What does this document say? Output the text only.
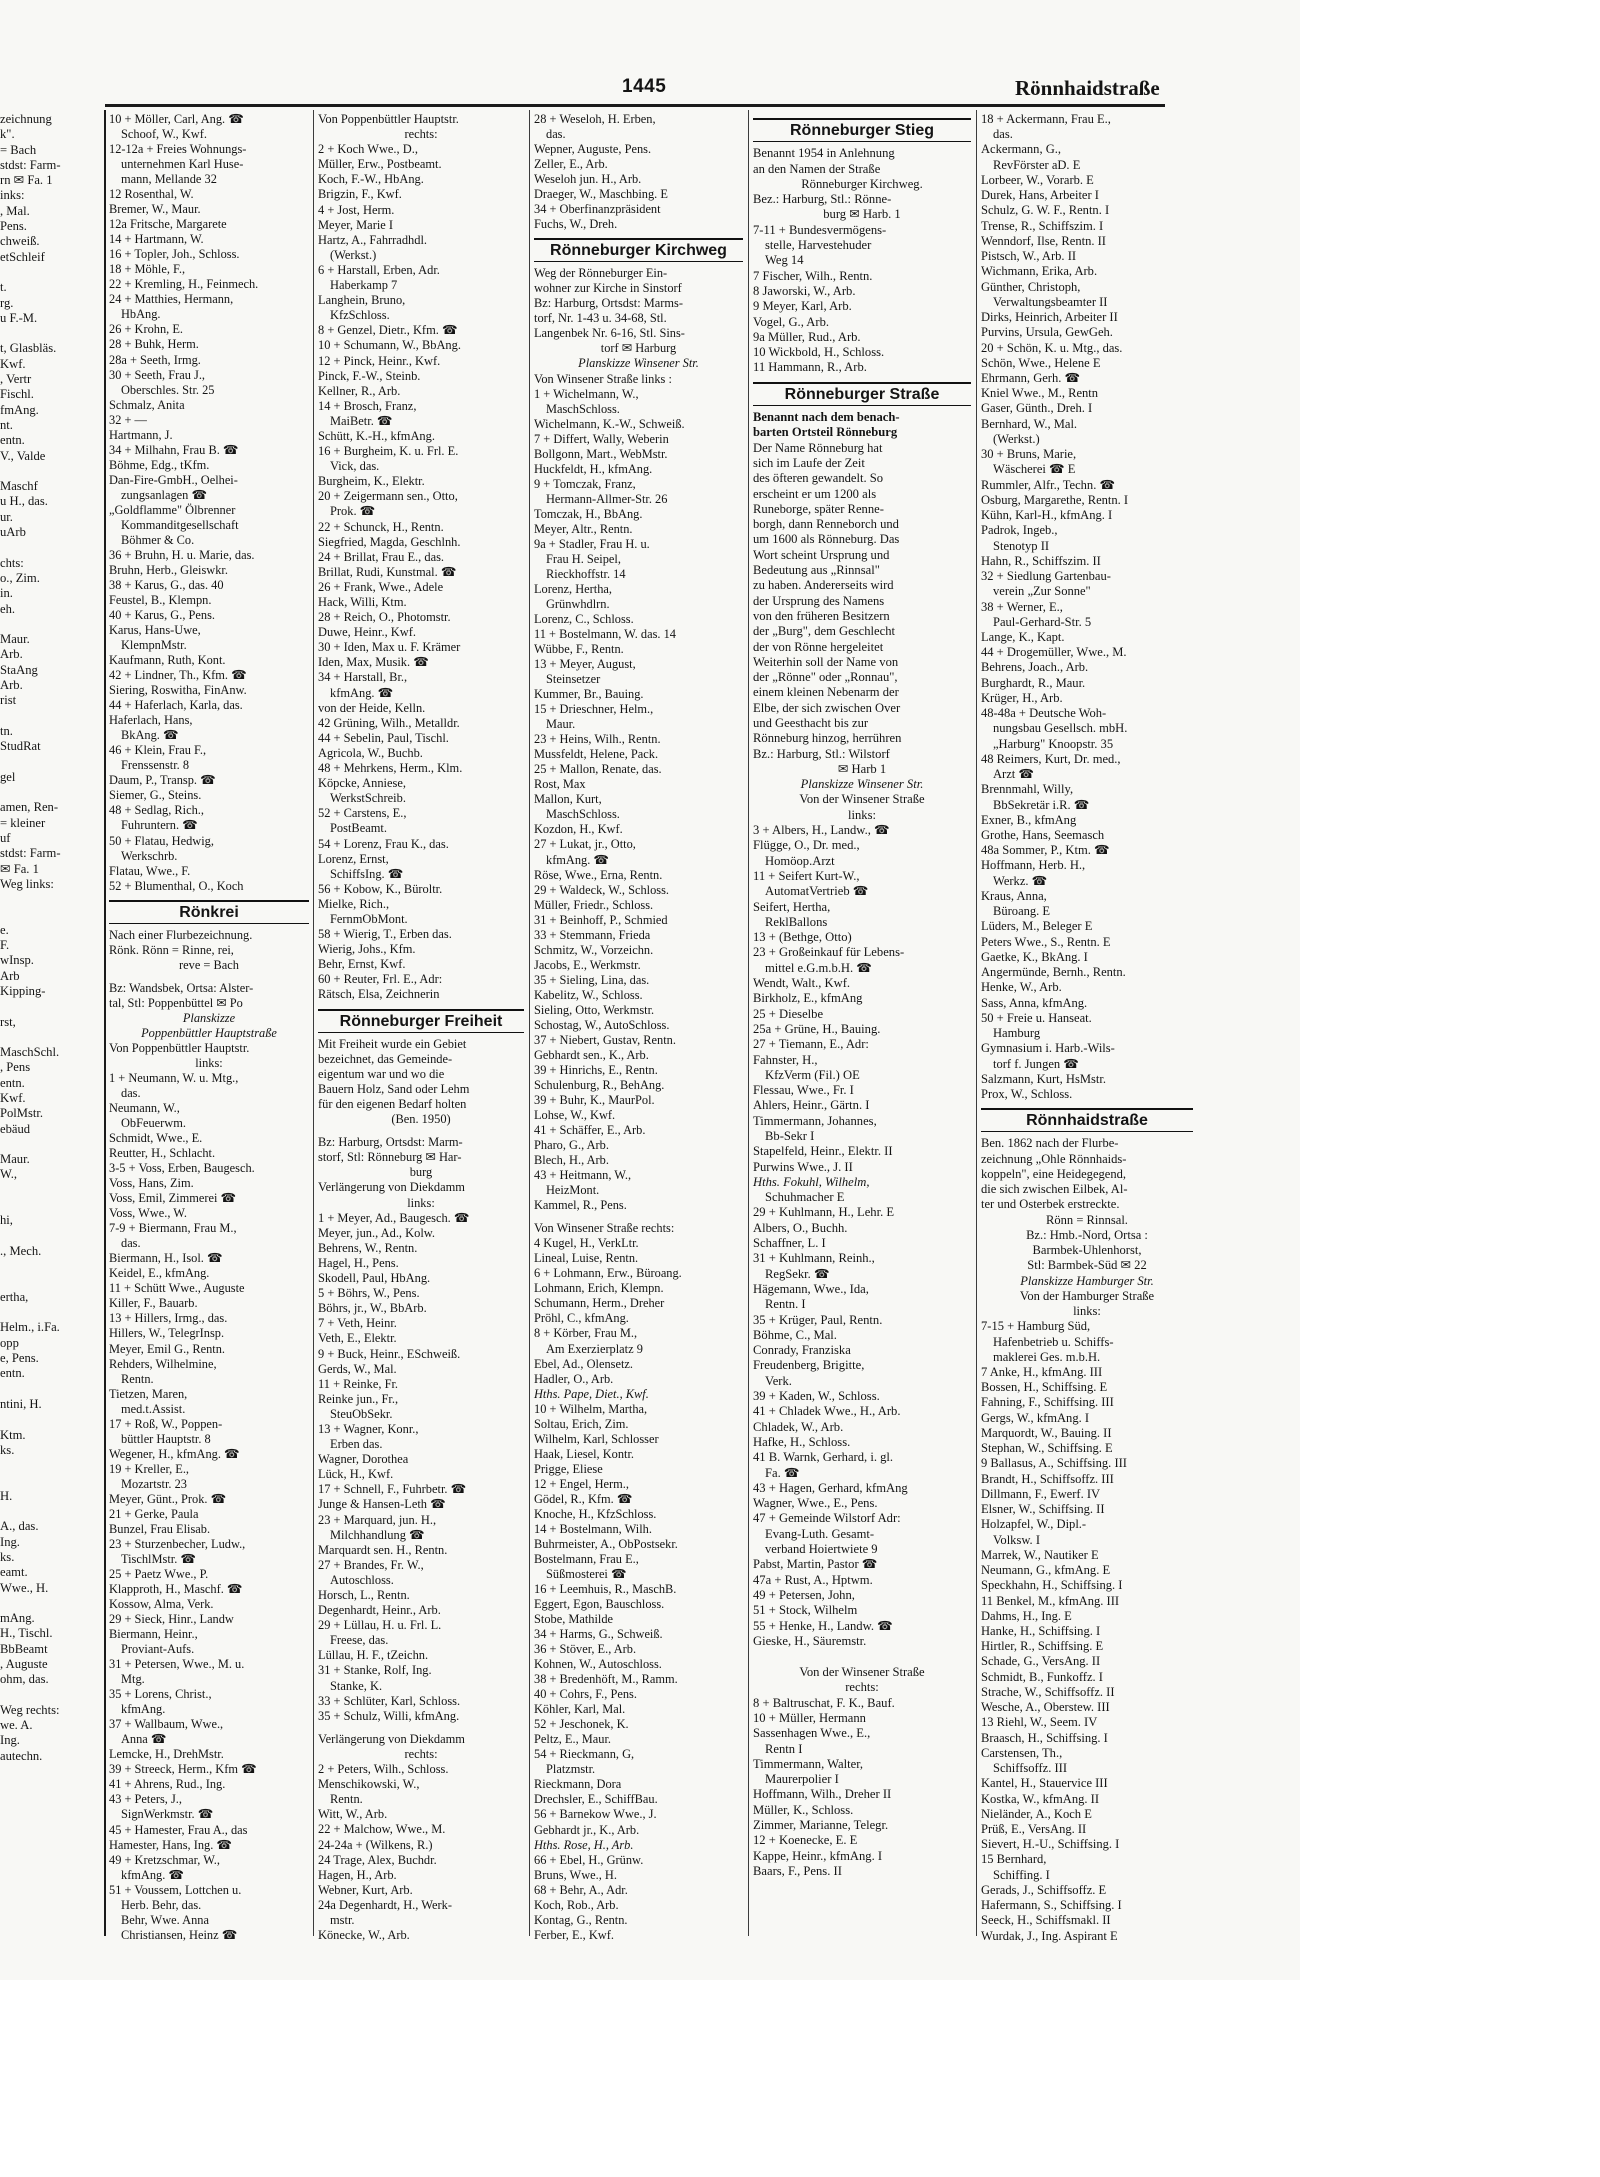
zeichnung
k".
= Bach
stdst: Farm-
rn ✉ Fa. 1
inks:
, Mal.
Pens.
chweiß.
etSchleif

t.
rg.
u F.-M.

t, Glasbläs.
Kwf.
, Vertr
Fischl.
fmAng.
nt.
entn.
V., Valde

Maschf
u H., das.
ur.
uArb

chts:
o., Zim.
in.
eh.

Maur.
Arb.
StaAng
Arb.
rist

tn.
StudRat

gel

amen, Ren-
= kleiner
uf
stdst: Farm-
✉ Fa. 1
Weg links:

e.
F.
wInsp.
Arb
Kipping-

rst,

MaschSchl.
, Pens
entn.
Kwf.
PolMstr.
ebäud

Maur.
W.,

hi,

., Mech.

ertha,

Helm., i.Fa.
opp
e, Pens.
entn.

ntini, H.

Ktm.
ks.

H.

A., das.
Ing.
ks.
eamt.
Wwe., H.

mAng.
H., Tischl.
BbBeamt
, Auguste
ohm, das.

Weg rechts:
we. A.
Ing.
autechn.

1445	Rönnhaidstraße
10 + Möller, Carl, Ang. ☎
Schoof, W., Kwf.
12-12a + Freies Wohnungs-
unternehmen Karl Huse-
mann, Mellande 32
12 Rosenthal, W.
Bremer, W., Maur.
12a Fritsche, Margarete
14 + Hartmann, W.
16 + Topler, Joh., Schloss.
18 + Möhle, F.,
22 + Kremling, H., Feinmech.
24 + Matthies, Hermann,
HbAng.
26 + Krohn, E.
28 + Buhk, Herm.
28a + Seeth, Irmg.
30 + Seeth, Frau J.,
Oberschles. Str. 25
Schmalz, Anita
32 + —
Hartmann, J.
34 + Milhahn, Frau B. ☎
Böhme, Edg., tKfm.
Dan-Fire-GmbH., Oelhei-
zungsanlagen ☎
„Goldflamme" Ölbrenner
Kommanditgesellschaft
Böhmer & Co.
36 + Bruhn, H. u. Marie, das.
Bruhn, Herb., Gleiswkr.
38 + Karus, G., das. 40
Feustel, B., Klempn.
40 + Karus, G., Pens.
Karus, Hans-Uwe,
KlempnMstr.
Kaufmann, Ruth, Kont.
42 + Lindner, Th., Kfm. ☎
Siering, Roswitha, FinAnw.
44 + Haferlach, Karla, das.
Haferlach, Hans,
BkAng. ☎
46 + Klein, Frau F.,
Frenssenstr. 8
Daum, P., Transp. ☎
Siemer, G., Steins.
48 + Sedlag, Rich.,
Fuhruntern. ☎
50 + Flatau, Hedwig,
Werkschrb.
Flatau, Wwe., F.
52 + Blumenthal, O., Koch
Rönkrei
Nach einer Flurbezeichnung.
Rönk. Rönn = Rinne, rei,
reve = Bach
Bz: Wandsbek, Ortsa: Alster-
tal, Stl: Poppenbüttel ✉ Po
Planskizze
Poppenbüttler Hauptstraße
Von Poppenbüttler Hauptstr.
links:
1 + Neumann, W. u. Mtg.,
das.
Neumann, W.,
ObFeuerwm.
Schmidt, Wwe., E.
Reutter, H., Schlacht.
3-5 + Voss, Erben, Baugesch.
Voss, Hans, Zim.
Voss, Emil, Zimmerei ☎
Voss, Wwe., W.
7-9 + Biermann, Frau M.,
das.
Biermann, H., Isol. ☎
Keidel, E., kfmAng.
11 + Schütt Wwe., Auguste
Killer, F., Bauarb.
13 + Hillers, Irmg., das.
Hillers, W., TelegrInsp.
Meyer, Emil G., Rentn.
Rehders, Wilhelmine,
Rentn.
Tietzen, Maren,
med.t.Assist.
17 + Roß, W., Poppen-
büttler Hauptstr. 8
Wegener, H., kfmAng. ☎
19 + Kreller, E.,
Mozartstr. 23
Meyer, Günt., Prok. ☎
21 + Gerke, Paula
Bunzel, Frau Elisab.
23 + Sturzenbecher, Ludw.,
TischlMstr. ☎
25 + Paetz Wwe., P.
Klapproth, H., Maschf. ☎
Kossow, Alma, Verk.
29 + Sieck, Hinr., Landw
Biermann, Heinr.,
Proviant-Aufs.
31 + Petersen, Wwe., M. u.
Mtg.
35 + Lorens, Christ.,
kfmAng.
37 + Wallbaum, Wwe.,
Anna ☎
Lemcke, H., DrehMstr.
39 + Streeck, Herm., Kfm ☎
41 + Ahrens, Rud., Ing.
43 + Peters, J.,
SignWerkmstr. ☎
45 + Hamester, Frau A., das
Hamester, Hans, Ing. ☎
49 + Kretzschmar, W.,
kfmAng. ☎
51 + Voussem, Lottchen u.
Herb. Behr, das.
Behr, Wwe. Anna
Christiansen, Heinz ☎
Von Poppenbüttler Hauptstr.
rechts:
2 + Koch Wwe., D.,
Müller, Erw., Postbeamt.
Koch, F.-W., HbAng.
Brigzin, F., Kwf.
4 + Jost, Herm.
Meyer, Marie I
Hartz, A., Fahrradhdl.
(Werkst.)
6 + Harstall, Erben, Adr.
Haberkamp 7
Langhein, Bruno,
KfzSchloss.
8 + Genzel, Dietr., Kfm. ☎
10 + Schumann, W., BbAng.
12 + Pinck, Heinr., Kwf.
Pinck, F.-W., Steinb.
Kellner, R., Arb.
14 + Brosch, Franz,
MaiBetr. ☎
Schütt, K.-H., kfmAng.
16 + Burgheim, K. u. Frl. E.
Vick, das.
Burgheim, K., Elektr.
20 + Zeigermann sen., Otto,
Prok. ☎
22 + Schunck, H., Rentn.
Siegfried, Magda, Geschlnh.
24 + Brillat, Frau E., das.
Brillat, Rudi, Kunstmal. ☎
26 + Frank, Wwe., Adele
Hack, Willi, Ktm.
28 + Reich, O., Photomstr.
Duwe, Heinr., Kwf.
30 + Iden, Max u. F. Krämer
Iden, Max, Musik. ☎
34 + Harstall, Br.,
kfmAng. ☎
von der Heide, Kelln.
42 Grüning, Wilh., Metalldr.
44 + Sebelin, Paul, Tischl.
Agricola, W., Buchb.
48 + Mehrkens, Herm., Klm.
Köpcke, Anniese,
WerkstSchreib.
52 + Carstens, E.,
PostBeamt.
54 + Lorenz, Frau K., das.
Lorenz, Ernst,
SchiffsIng. ☎
56 + Kobow, K., Büroltr.
Mielke, Rich.,
FernmObMont.
58 + Wierig, T., Erben das.
Wierig, Johs., Kfm.
Behr, Ernst, Kwf.
60 + Reuter, Frl. E., Adr:
Rätsch, Elsa, Zeichnerin
Rönneburger Freiheit
Mit Freiheit wurde ein Gebiet
bezeichnet, das Gemeinde-
eigentum war und wo die
Bauern Holz, Sand oder Lehm
für den eigenen Bedarf holten
(Ben. 1950)
Bz: Harburg, Ortsdst: Marm-
storf, Stl: Rönneburg ✉ Har-
burg
Verlängerung von Diekdamm
links:
1 + Meyer, Ad., Baugesch. ☎
Meyer, jun., Ad., Kolw.
Behrens, W., Rentn.
Hagel, H., Pens.
Skodell, Paul, HbAng.
5 + Böhrs, W., Pens.
Böhrs, jr., W., BbArb.
7 + Veth, Heinr.
Veth, E., Elektr.
9 + Buck, Heinr., ESchweiß.
Gerds, W., Mal.
11 + Reinke, Fr.
Reinke jun., Fr.,
SteuObSekr.
13 + Wagner, Konr.,
Erben das.
Wagner, Dorothea
Lück, H., Kwf.
17 + Schnell, F., Fuhrbetr. ☎
Junge & Hansen-Leth ☎
23 + Marquard, jun. H.,
Milchhandlung ☎
Marquardt sen. H., Rentn.
27 + Brandes, Fr. W.,
Autoschloss.
Horsch, L., Rentn.
Degenhardt, Heinr., Arb.
29 + Lüllau, H. u. Frl. L.
Freese, das.
Lüllau, H. F., tZeichn.
31 + Stanke, Rolf, Ing.
Stanke, K.
33 + Schlüter, Karl, Schloss.
35 + Schulz, Willi, kfmAng.
Verlängerung von Diekdamm
rechts:
2 + Peters, Wilh., Schloss.
Menschikowski, W.,
Rentn.
Witt, W., Arb.
22 + Malchow, Wwe., M.
24-24a + (Wilkens, R.)
24 Trage, Alex, Buchdr.
Hagen, H., Arb.
Webner, Kurt, Arb.
24a Degenhardt, H., Werk-
mstr.
Könecke, W., Arb.
28 + Weseloh, H. Erben,
das.
Wepner, Auguste, Pens.
Zeller, E., Arb.
Weseloh jun. H., Arb.
Draeger, W., Maschbing. E
34 + Oberfinanzpräsident
Fuchs, W., Dreh.
Rönneburger Kirchweg
Weg der Rönneburger Ein-
wohner zur Kirche in Sinstorf
Bz: Harburg, Ortsdst: Marms-
torf, Nr. 1-43 u. 34-68, Stl.
Langenbek Nr. 6-16, Stl. Sins-
torf ✉ Harburg
Planskizze Winsener Str.
Von Winsener Straße links :
1 + Wichelmann, W.,
MaschSchloss.
Wichelmann, K.-W., Schweiß.
7 + Differt, Wally, Weberin
Bollgonn, Mart., WebMstr.
Huckfeldt, H., kfmAng.
9 + Tomczak, Franz,
Hermann-Allmer-Str. 26
Tomczak, H., BbAng.
Meyer, Altr., Rentn.
9a + Stadler, Frau H. u.
Frau H. Seipel,
Rieckhoffstr. 14
Lorenz, Hertha,
Grünwhdlrn.
Lorenz, C., Schloss.
11 + Bostelmann, W. das. 14
Wübbe, F., Rentn.
13 + Meyer, August,
Steinsetzer
Kummer, Br., Bauing.
15 + Drieschner, Helm.,
Maur.
23 + Heins, Wilh., Rentn.
Mussfeldt, Helene, Pack.
25 + Mallon, Renate, das.
Rost, Max
Mallon, Kurt,
MaschSchloss.
Kozdon, H., Kwf.
27 + Lukat, jr., Otto,
kfmAng. ☎
Röse, Wwe., Erna, Rentn.
29 + Waldeck, W., Schloss.
Müller, Friedr., Schloss.
31 + Beinhoff, P., Schmied
33 + Stemmann, Frieda
Schmitz, W., Vorzeichn.
Jacobs, E., Werkmstr.
35 + Sieling, Lina, das.
Kabelitz, W., Schloss.
Sieling, Otto, Werkmstr.
Schostag, W., AutoSchloss.
37 + Niebert, Gustav, Rentn.
Gebhardt sen., K., Arb.
39 + Hinrichs, E., Rentn.
Schulenburg, R., BehAng.
39 + Buhr, K., MaurPol.
Lohse, W., Kwf.
41 + Schäffer, E., Arb.
Pharo, G., Arb.
Blech, H., Arb.
43 + Heitmann, W.,
HeizMont.
Kammel, R., Pens.
Von Winsener Straße rechts:
4 Kugel, H., VerkLtr.
Lineal, Luise, Rentn.
6 + Lohmann, Erw., Büroang.
Lohmann, Erich, Klempn.
Schumann, Herm., Dreher
Pröhl, C., kfmAng.
8 + Körber, Frau M.,
Am Exerzierplatz 9
Ebel, Ad., Olensetz.
Hadler, O., Arb.
Hths. Pape, Diet., Kwf.
10 + Wilhelm, Martha,
Soltau, Erich, Zim.
Wilhelm, Karl, Schlosser
Haak, Liesel, Kontr.
Prigge, Eliese
12 + Engel, Herm.,
Gödel, R., Kfm. ☎
Knoche, H., KfzSchloss.
14 + Bostelmann, Wilh.
Buhrmeister, A., ObPostsekr.
Bostelmann, Frau E.,
Süßmosterei ☎
16 + Leemhuis, R., MaschB.
Eggert, Egon, Bauschloss.
Stobe, Mathilde
34 + Harms, G., Schweiß.
36 + Stöver, E., Arb.
Kohnen, W., Autoschloss.
38 + Bredenhöft, M., Ramm.
40 + Cohrs, F., Pens.
Köhler, Karl, Mal.
52 + Jeschonek, K.
Peltz, E., Maur.
54 + Rieckmann, G,
Platzmstr.
Rieckmann, Dora
Drechsler, E., SchiffBau.
56 + Barnekow Wwe., J.
Gebhardt jr., K., Arb.
Hths. Rose, H., Arb.
66 + Ebel, H., Grünw.
Bruns, Wwe., H.
68 + Behr, A., Adr.
Koch, Rob., Arb.
Kontag, G., Rentn.
Ferber, E., Kwf.
Rönneburger Stieg
Benannt 1954 in Anlehnung
an den Namen der Straße
Rönneburger Kirchweg.
Bez.: Harburg, Stl.: Rönne-
burg ✉ Harb. 1
7-11 + Bundesvermögens-
stelle, Harvestehuder
Weg 14
7 Fischer, Wilh., Rentn.
8 Jaworski, W., Arb.
9 Meyer, Karl, Arb.
Vogel, G., Arb.
9a Müller, Rud., Arb.
10 Wickbold, H., Schloss.
11 Hammann, R., Arb.
Rönneburger Straße
Benannt nach dem benach-
barten Ortsteil Rönneburg
Der Name Rönneburg hat
sich im Laufe der Zeit
des öfteren gewandelt. So
erscheint er um 1200 als
Runeborge, später Renne-
borgh, dann Renneborch und
um 1600 als Rönneburg. Das
Wort scheint Ursprung und
Bedeutung aus „Rinnsal"
zu haben. Andererseits wird
der Ursprung des Namens
von den früheren Besitzern
der „Burg", dem Geschlecht
der von Rönne hergeleitet
Weiterhin soll der Name von
der „Rönne" oder „Ronnau",
einem kleinen Nebenarm der
Elbe, der sich zwischen Over
und Geesthacht bis zur
Rönneburg hinzog, herrühren
Bz.: Harburg, Stl.: Wilstorf
✉ Harb 1
Planskizze Winsener Str.
Von der Winsener Straße
links:
3 + Albers, H., Landw., ☎
Flügge, O., Dr. med.,
Homöop.Arzt
11 + Seifert Kurt-W.,
AutomatVertrieb ☎
Seifert, Hertha,
ReklBallons
13 + (Bethge, Otto)
23 + Großeinkauf für Lebens-
mittel e.G.m.b.H. ☎
Wendt, Walt., Kwf.
Birkholz, E., kfmAng
25 + Dieselbe
25a + Grüne, H., Bauing.
27 + Tiemann, E., Adr:
Fahnster, H.,
KfzVerm (Fil.) OE
Flessau, Wwe., Fr. I
Ahlers, Heinr., Gärtn. I
Timmermann, Johannes,
Bb-Sekr I
Stapelfeld, Heinr., Elektr. II
Purwins Wwe., J. II
Hths. Fokuhl, Wilhelm,
Schuhmacher E
29 + Kuhlmann, H., Lehr. E
Albers, O., Buchh.
Schaffner, L. I
31 + Kuhlmann, Reinh.,
RegSekr. ☎
Hägemann, Wwe., Ida,
Rentn. I
35 + Krüger, Paul, Rentn.
Böhme, C., Mal.
Conrady, Franziska
Freudenberg, Brigitte,
Verk.
39 + Kaden, W., Schloss.
41 + Chladek Wwe., H., Arb.
Chladek, W., Arb.
Hafke, H., Schloss.
41 B. Warnk, Gerhard, i. gl.
Fa. ☎
43 + Hagen, Gerhard, kfmAng
Wagner, Wwe., E., Pens.
47 + Gemeinde Wilstorf Adr:
Evang-Luth. Gesamt-
verband Hoiertwiete 9
Pabst, Martin, Pastor ☎
47a + Rust, A., Hptwm.
49 + Petersen, John,
51 + Stock, Wilhelm
55 + Henke, H., Landw. ☎
Gieske, H., Säuremstr.
Von der Winsener Straße
rechts:
8 + Baltruschat, F. K., Bauf.
10 + Müller, Hermann
Sassenhagen Wwe., E.,
Rentn I
Timmermann, Walter,
Maurerpolier I
Hoffmann, Wilh., Dreher II
Müller, K., Schloss.
Zimmer, Marianne, Telegr.
12 + Koenecke, E. E
Kappe, Heinr., kfmAng. I
Baars, F., Pens. II
18 + Ackermann, Frau E.,
das.
Ackermann, G.,
RevFörster aD. E
Lorbeer, W., Vorarb. E
Durek, Hans, Arbeiter I
Schulz, G. W. F., Rentn. I
Trense, R., Schiffszim. I
Wenndorf, Ilse, Rentn. II
Pistsch, W., Arb. II
Wichmann, Erika, Arb.
Günther, Christoph,
Verwaltungsbeamter II
Dirks, Heinrich, Arbeiter II
Purvins, Ursula, GewGeh.
20 + Schön, K. u. Mtg., das.
Schön, Wwe., Helene E
Ehrmann, Gerh. ☎
Kniel Wwe., M., Rentn
Gaser, Günth., Dreh. I
Bernhard, W., Mal.
(Werkst.)
30 + Bruns, Marie,
Wäscherei ☎ E
Rummler, Alfr., Techn. ☎
Osburg, Margarethe, Rentn. I
Kühn, Karl-H., kfmAng. I
Padrok, Ingeb.,
Stenotyp II
Hahn, R., Schiffszim. II
32 + Siedlung Gartenbau-
verein „Zur Sonne"
38 + Werner, E.,
Paul-Gerhard-Str. 5
Lange, K., Kapt.
44 + Drogemüller, Wwe., M.
Behrens, Joach., Arb.
Burghardt, R., Maur.
Krüger, H., Arb.
48-48a + Deutsche Woh-
nungsbau Gesellsch. mbH.
„Harburg" Knoopstr. 35
48 Reimers, Kurt, Dr. med.,
Arzt ☎
Brennmahl, Willy,
BbSekretär i.R. ☎
Exner, B., kfmAng
Grothe, Hans, Seemasch
48a Sommer, P., Ktm. ☎
Hoffmann, Herb. H.,
Werkz. ☎
Kraus, Anna,
Büroang. E
Lüders, M., Beleger E
Peters Wwe., S., Rentn. E
Gaetke, K., BkAng. I
Angermünde, Bernh., Rentn.
Henke, W., Arb.
Sass, Anna, kfmAng.
50 + Freie u. Hanseat.
Hamburg
Gymnasium i. Harb.-Wils-
torf f. Jungen ☎
Salzmann, Kurt, HsMstr.
Prox, W., Schloss.
Rönnhaidstraße
Ben. 1862 nach der Flurbe-
zeichnung „Ohle Rönnhaids-
koppeln", eine Heidegegend,
die sich zwischen Eilbek, Al-
ter und Osterbek erstreckte.
Rönn = Rinnsal.
Bz.: Hmb.-Nord, Ortsa :
Barmbek-Uhlenhorst,
Stl: Barmbek-Süd ✉ 22
Planskizze Hamburger Str.
Von der Hamburger Straße
links:
7-15 + Hamburg Süd,
Hafenbetrieb u. Schiffs-
maklerei Ges. m.b.H.
7 Anke, H., kfmAng. III
Bossen, H., Schiffsing. E
Fahning, F., Schiffsing. III
Gergs, W., kfmAng. I
Marquordt, W., Bauing. II
Stephan, W., Schiffsing. E
9 Ballasus, A., Schiffsing. III
Brandt, H., Schiffsoffz. III
Dillmann, F., Ewerf. IV
Elsner, W., Schiffsing. II
Holzapfel, W., Dipl.-
Volksw. I
Marrek, W., Nautiker E
Neumann, G., kfmAng. E
Speckhahn, H., Schiffsing. I
11 Benkel, M., kfmAng. III
Dahms, H., Ing. E
Hanke, H., Schiffsing. I
Hirtler, R., Schiffsing. E
Schade, G., VersAng. II
Schmidt, B., Funkoffz. I
Strache, W., Schiffsoffz. II
Wesche, A., Oberstew. III
13 Riehl, W., Seem. IV
Braasch, H., Schiffsing. I
Carstensen, Th.,
Schiffsoffz. III
Kantel, H., Stauervice III
Kostka, W., kfmAng. II
Nieländer, A., Koch E
Prüß, E., VersAng. II
Sievert, H.-U., Schiffsing. I
15 Bernhard,
Schiffing. I
Gerads, J., Schiffsoffz. E
Hafermann, S., Schiffsing. I
Seeck, H., Schiffsmakl. II
Wurdak, J., Ing. Aspirant E
